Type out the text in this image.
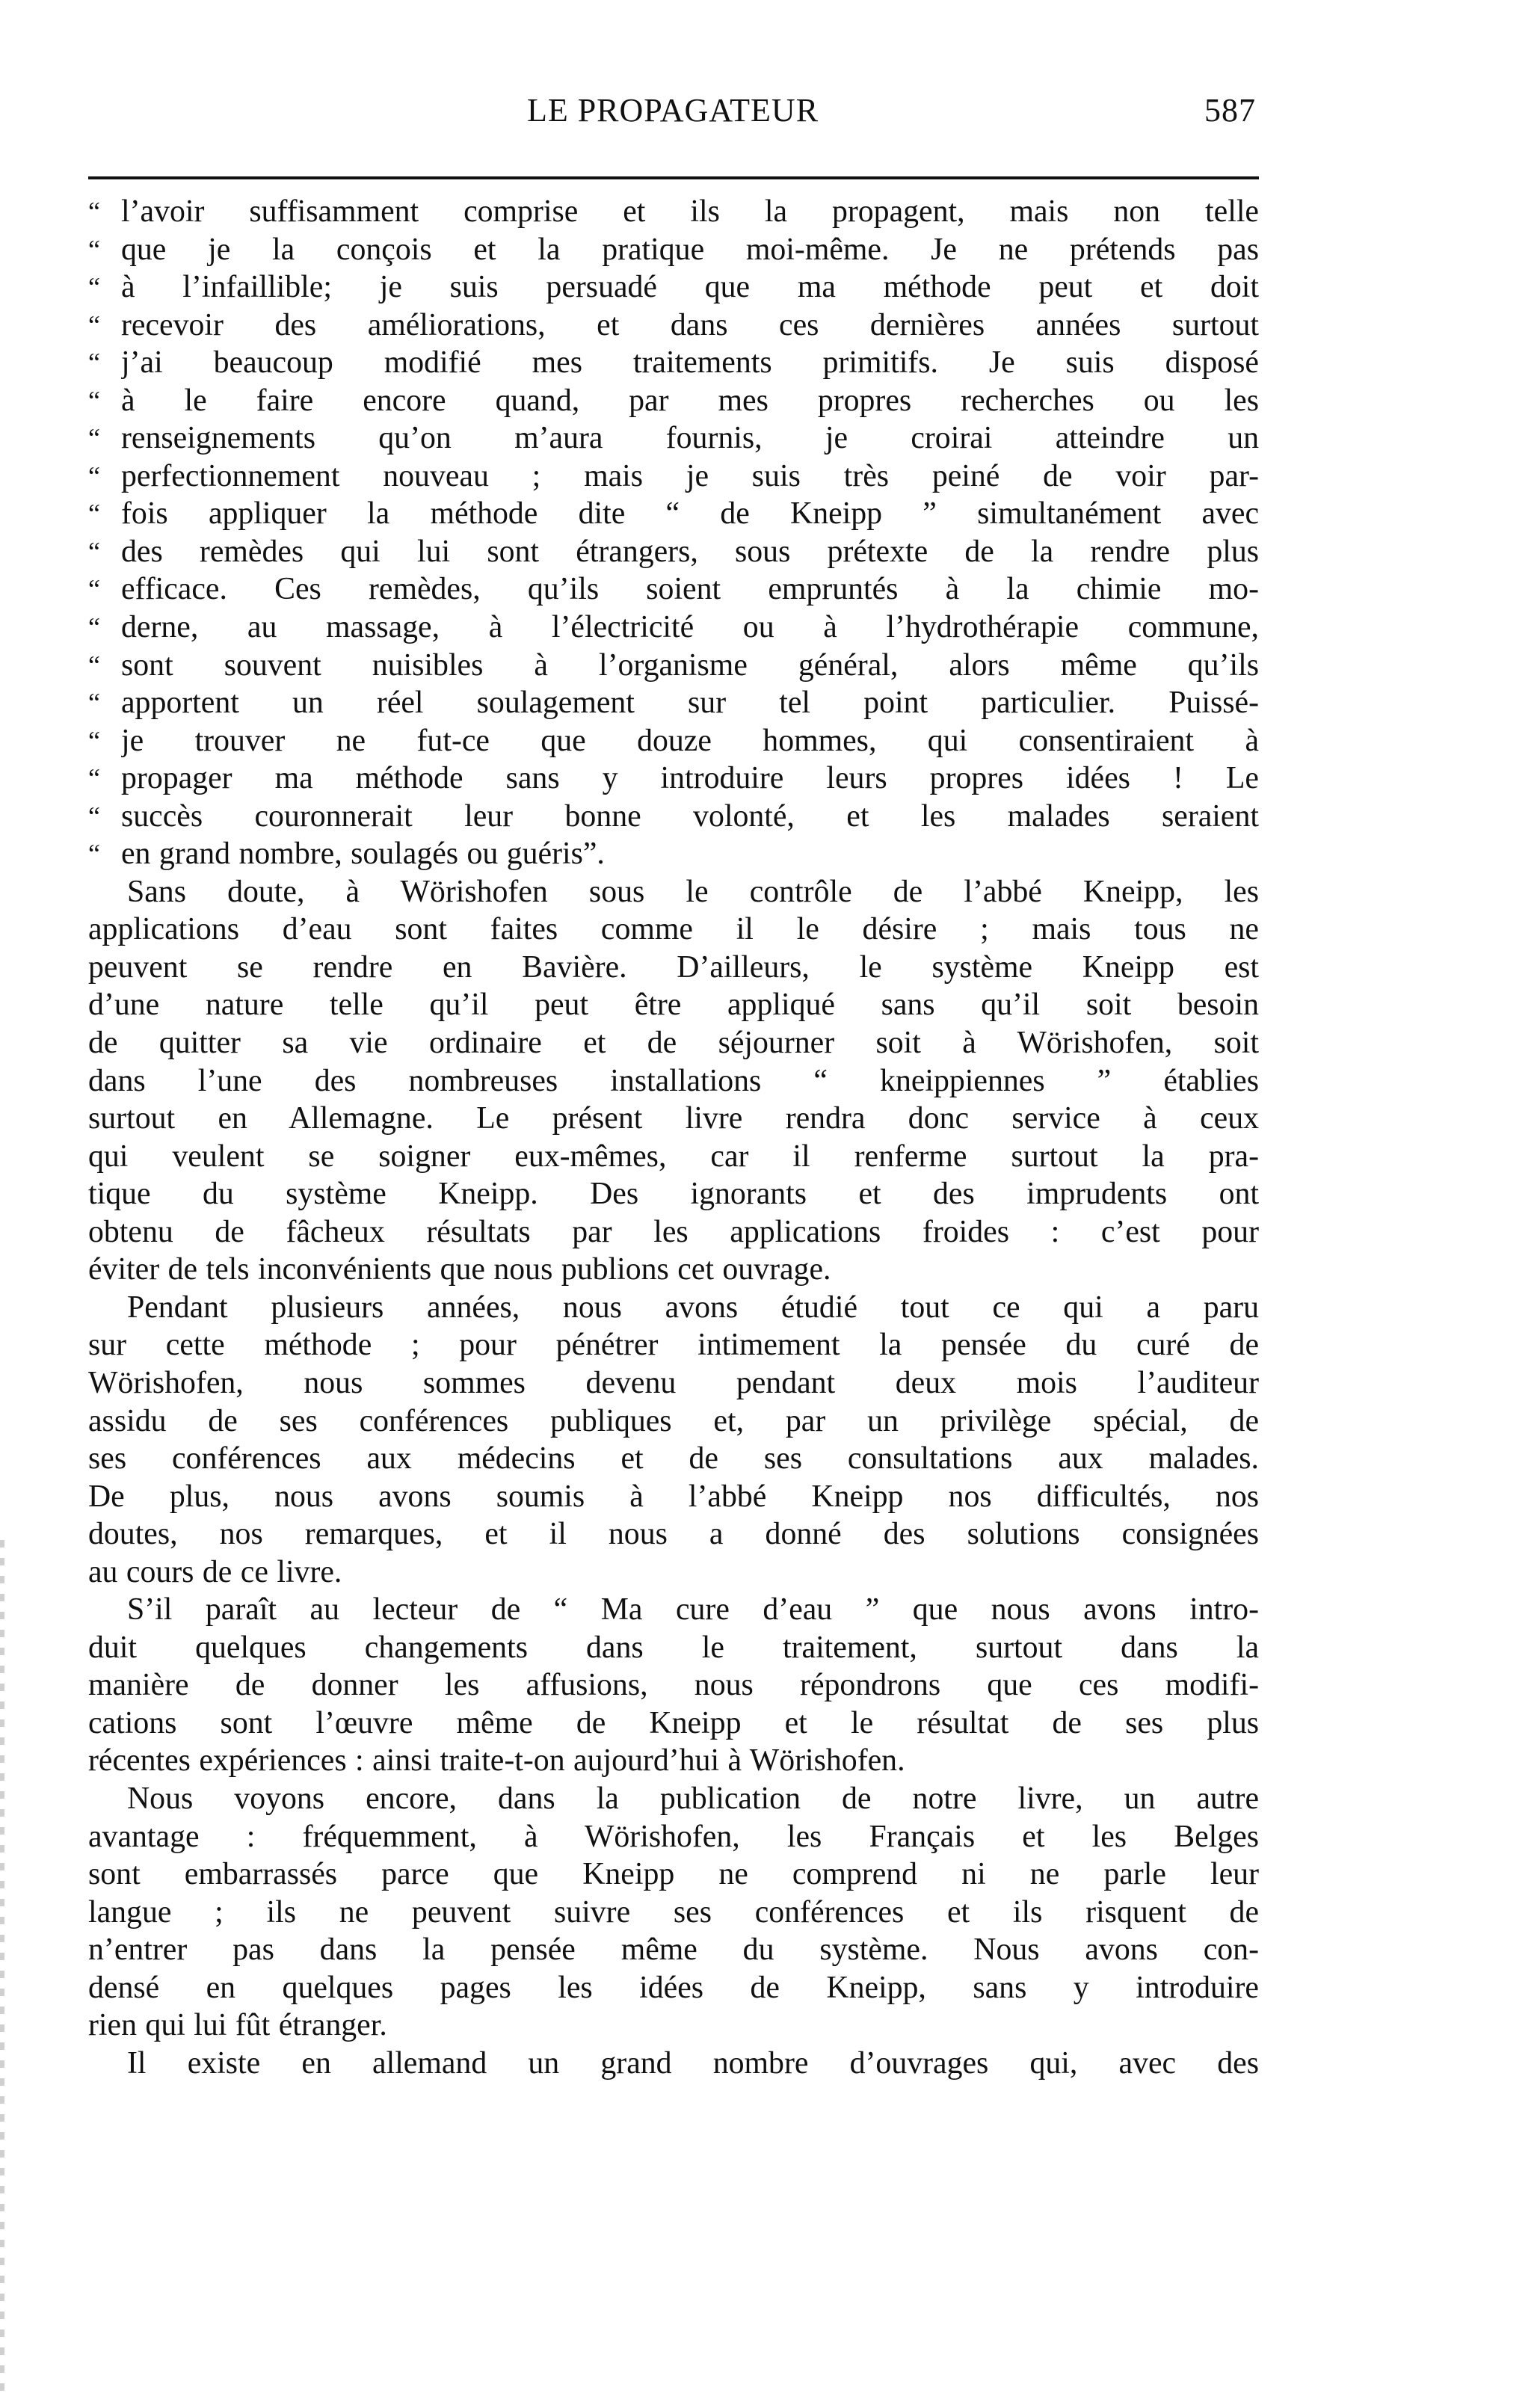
LE PROPAGATEUR	587
“ l’avoir suffisamment comprise et ils la propagent, mais non telle
“ que je la conçois et la pratique moi-même. Je ne prétends pas
“ à l’infaillible; je suis persuadé que ma méthode peut et doit
“ recevoir des améliorations, et dans ces dernières années surtout
“ j’ai beaucoup modifié mes traitements primitifs. Je suis disposé
“ à le faire encore quand, par mes propres recherches ou les
“ renseignements qu’on m’aura fournis, je croirai atteindre un
“ perfectionnement nouveau ; mais je suis très peiné de voir par-
“ fois appliquer la méthode dite “ de Kneipp ” simultanément avec
“ des remèdes qui lui sont étrangers, sous prétexte de la rendre plus
“ efficace. Ces remèdes, qu’ils soient empruntés à la chimie mo-
“ derne, au massage, à l’électricité ou à l’hydrothérapie commune,
“ sont souvent nuisibles à l’organisme général, alors même qu’ils
“ apportent un réel soulagement sur tel point particulier. Puissé-
“ je trouver ne fut-ce que douze hommes, qui consentiraient à
“ propager ma méthode sans y introduire leurs propres idées ! Le
“ succès couronnerait leur bonne volonté, et les malades seraient
“ en grand nombre, soulagés ou guéris”.
Sans doute, à Wörishofen sous le contrôle de l’abbé Kneipp, les
applications d’eau sont faites comme il le désire ; mais tous ne
peuvent se rendre en Bavière. D’ailleurs, le système Kneipp est
d’une nature telle qu’il peut être appliqué sans qu’il soit besoin
de quitter sa vie ordinaire et de séjourner soit à Wörishofen, soit
dans l’une des nombreuses installations “ kneippiennes ” établies
surtout en Allemagne. Le présent livre rendra donc service à ceux
qui veulent se soigner eux-mêmes, car il renferme surtout la pra-
tique du système Kneipp. Des ignorants et des imprudents ont
obtenu de fâcheux résultats par les applications froides : c’est pour
éviter de tels inconvénients que nous publions cet ouvrage.
Pendant plusieurs années, nous avons étudié tout ce qui a paru
sur cette méthode ; pour pénétrer intimement la pensée du curé de
Wörishofen, nous sommes devenu pendant deux mois l’auditeur
assidu de ses conférences publiques et, par un privilège spécial, de
ses conférences aux médecins et de ses consultations aux malades.
De plus, nous avons soumis à l’abbé Kneipp nos difficultés, nos
doutes, nos remarques, et il nous a donné des solutions consignées
au cours de ce livre.
S’il paraît au lecteur de “ Ma cure d’eau ” que nous avons intro-
duit quelques changements dans le traitement, surtout dans la
manière de donner les affusions, nous répondrons que ces modifi-
cations sont l’œuvre même de Kneipp et le résultat de ses plus
récentes expériences : ainsi traite-t-on aujourd’hui à Wörishofen.
Nous voyons encore, dans la publication de notre livre, un autre
avantage : fréquemment, à Wörishofen, les Français et les Belges
sont embarrassés parce que Kneipp ne comprend ni ne parle leur
langue ; ils ne peuvent suivre ses conférences et ils risquent de
n’entrer pas dans la pensée même du système. Nous avons con-
densé en quelques pages les idées de Kneipp, sans y introduire
rien qui lui fût étranger.
Il existe en allemand un grand nombre d’ouvrages qui, avec des
